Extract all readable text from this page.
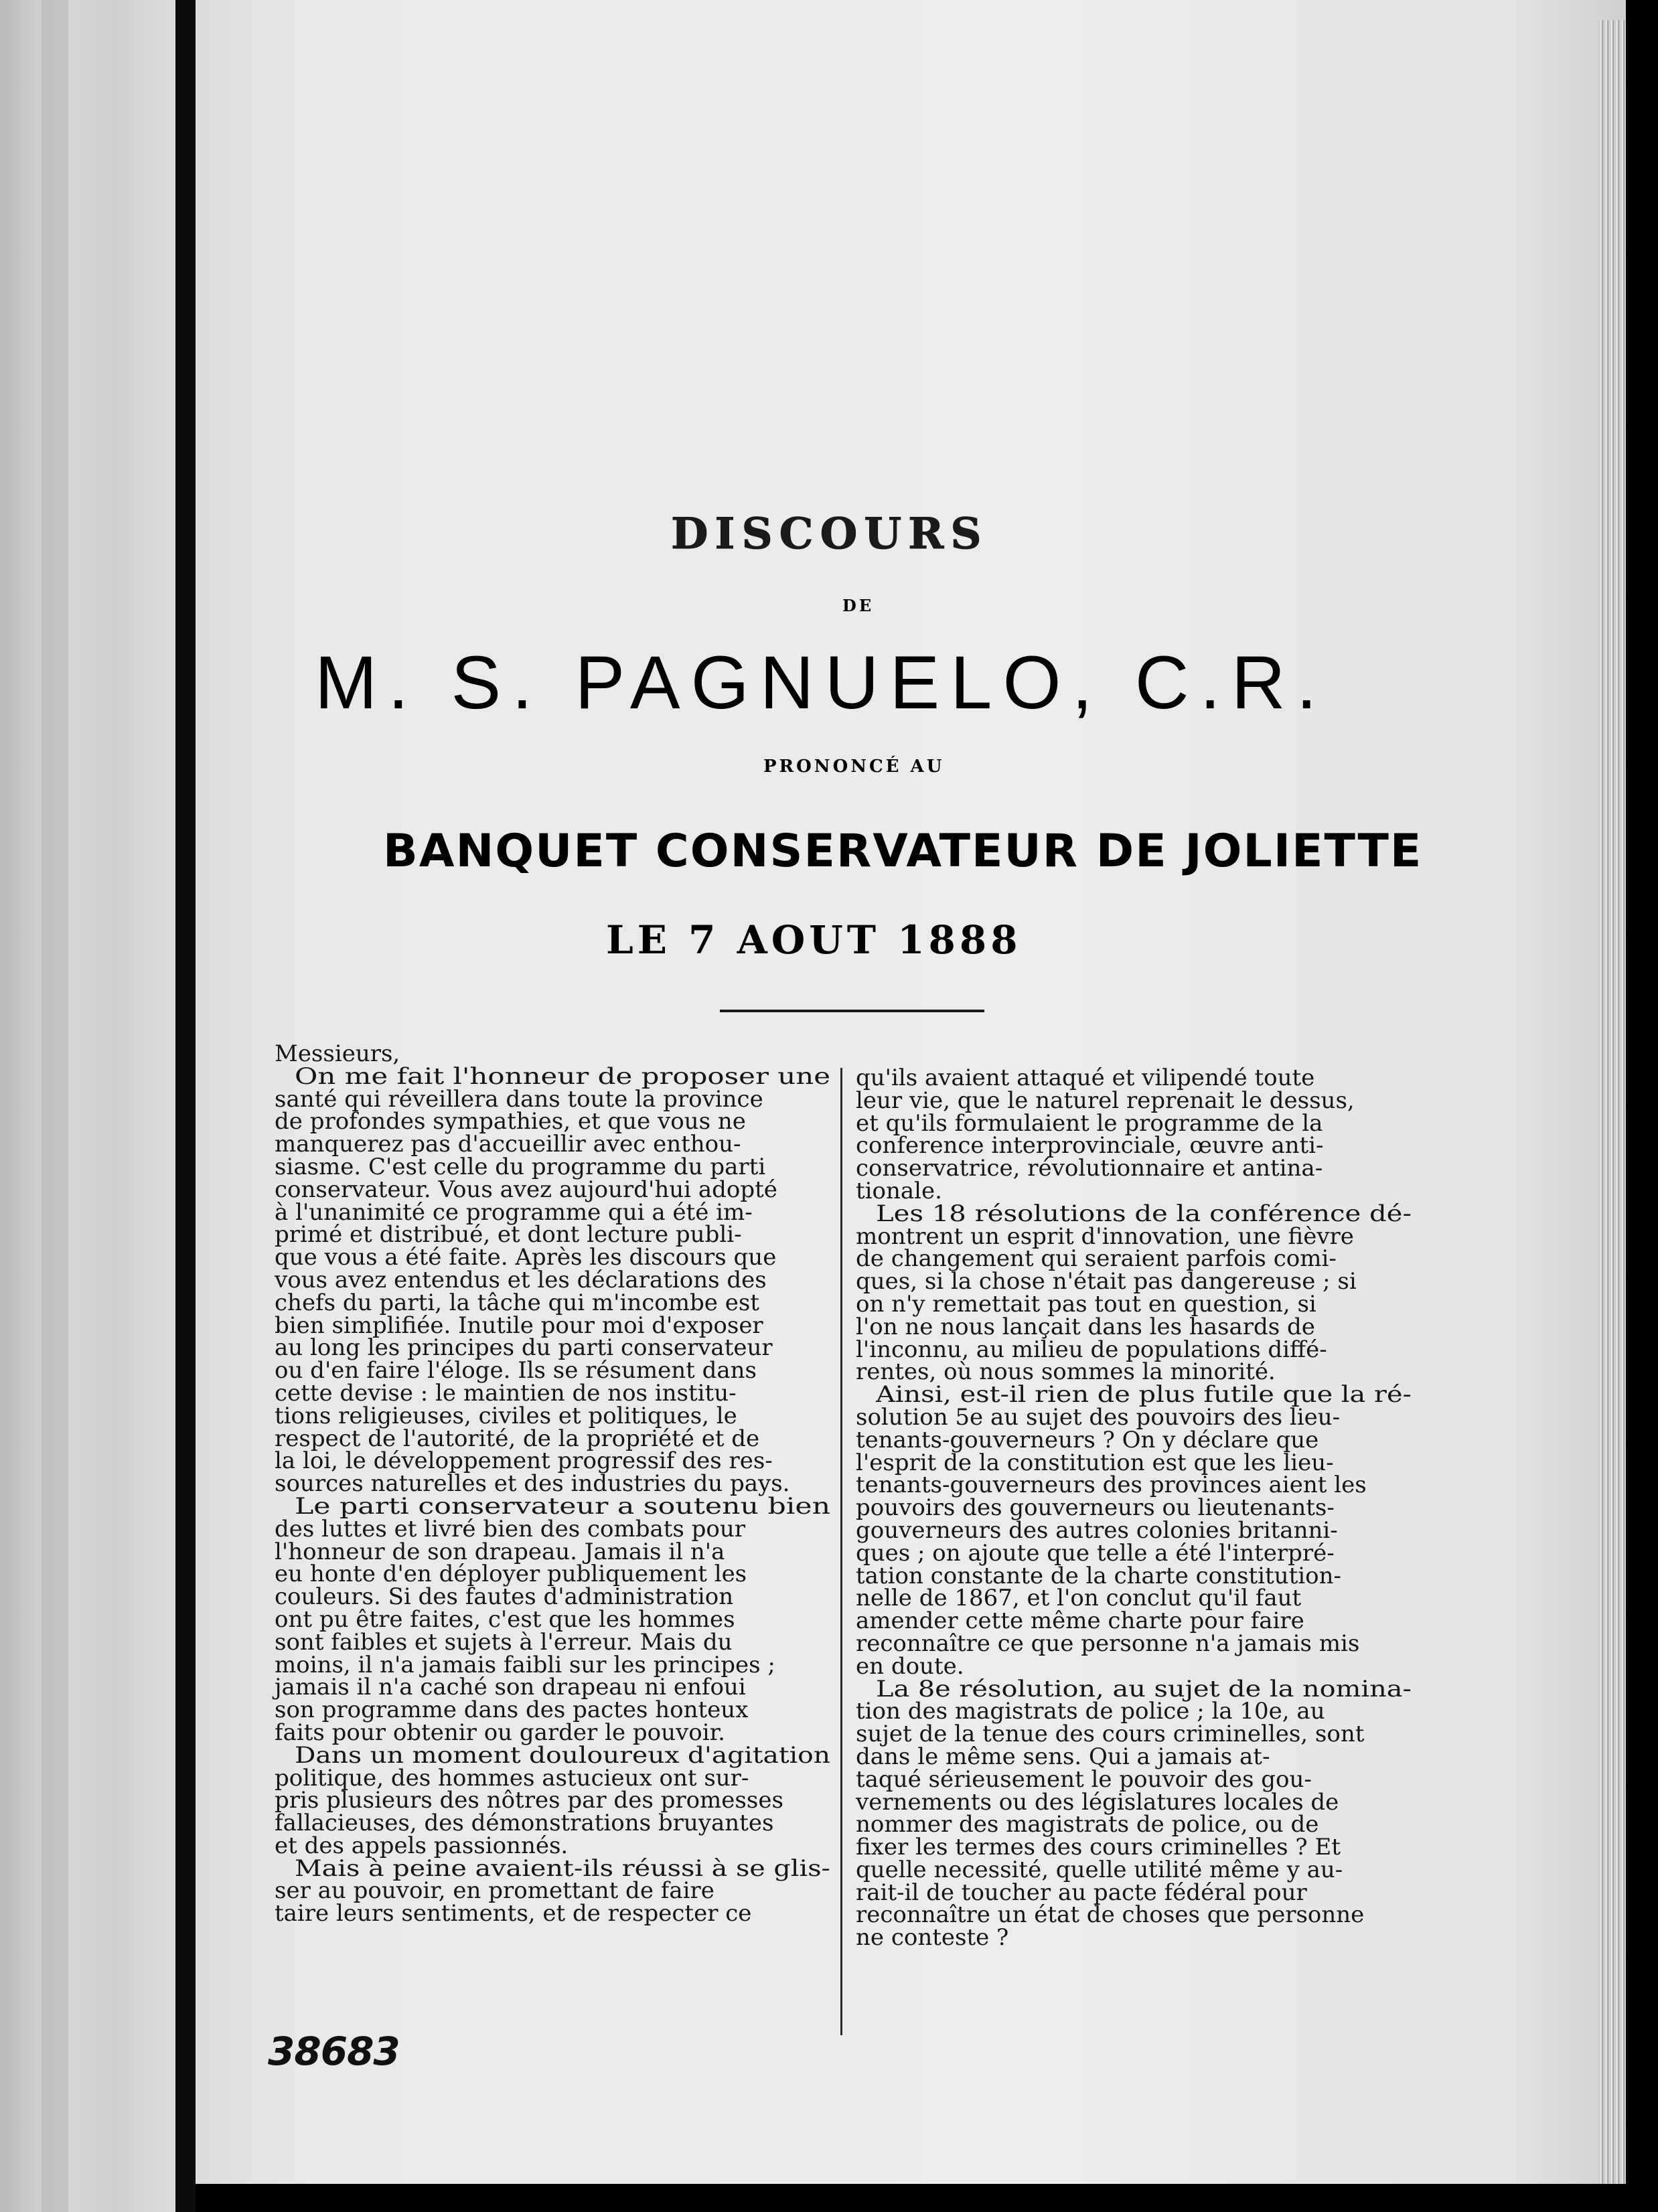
DISCOURS
DE
M. S. PAGNUELO, C.R.
PRONONCÉ AU
BANQUET CONSERVATEUR DE JOLIETTE
LE 7 AOUT 1888
Messieurs,
On me fait l'honneur de proposer une
santé qui réveillera dans toute la province
de profondes sympathies, et que vous ne
manquerez pas d'accueillir avec enthou-
siasme. C'est celle du programme du parti
conservateur. Vous avez aujourd'hui adopté
à l'unanimité ce programme qui a été im-
primé et distribué, et dont lecture publi-
que vous a été faite. Après les discours que
vous avez entendus et les déclarations des
chefs du parti, la tâche qui m'incombe est
bien simplifiée. Inutile pour moi d'exposer
au long les principes du parti conservateur
ou d'en faire l'éloge. Ils se résument dans
cette devise : le maintien de nos institu-
tions religieuses, civiles et politiques, le
respect de l'autorité, de la propriété et de
la loi, le développement progressif des res-
sources naturelles et des industries du pays.
Le parti conservateur a soutenu bien
des luttes et livré bien des combats pour
l'honneur de son drapeau. Jamais il n'a
eu honte d'en déployer publiquement les
couleurs. Si des fautes d'administration
ont pu être faites, c'est que les hommes
sont faibles et sujets à l'erreur. Mais du
moins, il n'a jamais faibli sur les principes ;
jamais il n'a caché son drapeau ni enfoui
son programme dans des pactes honteux
faits pour obtenir ou garder le pouvoir.
Dans un moment douloureux d'agitation
politique, des hommes astucieux ont sur-
pris plusieurs des nôtres par des promesses
fallacieuses, des démonstrations bruyantes
et des appels passionnés.
Mais à peine avaient-ils réussi à se glis-
ser au pouvoir, en promettant de faire
taire leurs sentiments, et de respecter ce
qu'ils avaient attaqué et vilipendé toute
leur vie, que le naturel reprenait le dessus,
et qu'ils formulaient le programme de la
conference interprovinciale, œuvre anti-
conservatrice, révolutionnaire et antina-
tionale.
Les 18 résolutions de la conférence dé-
montrent un esprit d'innovation, une fièvre
de changement qui seraient parfois comi-
ques, si la chose n'était pas dangereuse ; si
on n'y remettait pas tout en question, si
l'on ne nous lançait dans les hasards de
l'inconnu, au milieu de populations diffé-
rentes, où nous sommes la minorité.
Ainsi, est-il rien de plus futile que la ré-
solution 5e au sujet des pouvoirs des lieu-
tenants-gouverneurs ? On y déclare que
l'esprit de la constitution est que les lieu-
tenants-gouverneurs des provinces aient les
pouvoirs des gouverneurs ou lieutenants-
gouverneurs des autres colonies britanni-
ques ; on ajoute que telle a été l'interpré-
tation constante de la charte constitution-
nelle de 1867, et l'on conclut qu'il faut
amender cette même charte pour faire
reconnaître ce que personne n'a jamais mis
en doute.
La 8e résolution, au sujet de la nomina-
tion des magistrats de police ; la 10e, au
sujet de la tenue des cours criminelles, sont
dans le même sens. Qui a jamais at-
taqué sérieusement le pouvoir des gou-
vernements ou des législatures locales de
nommer des magistrats de police, ou de
fixer les termes des cours criminelles ? Et
quelle necessité, quelle utilité même y au-
rait-il de toucher au pacte fédéral pour
reconnaître un état de choses que personne
ne conteste ?
38683
